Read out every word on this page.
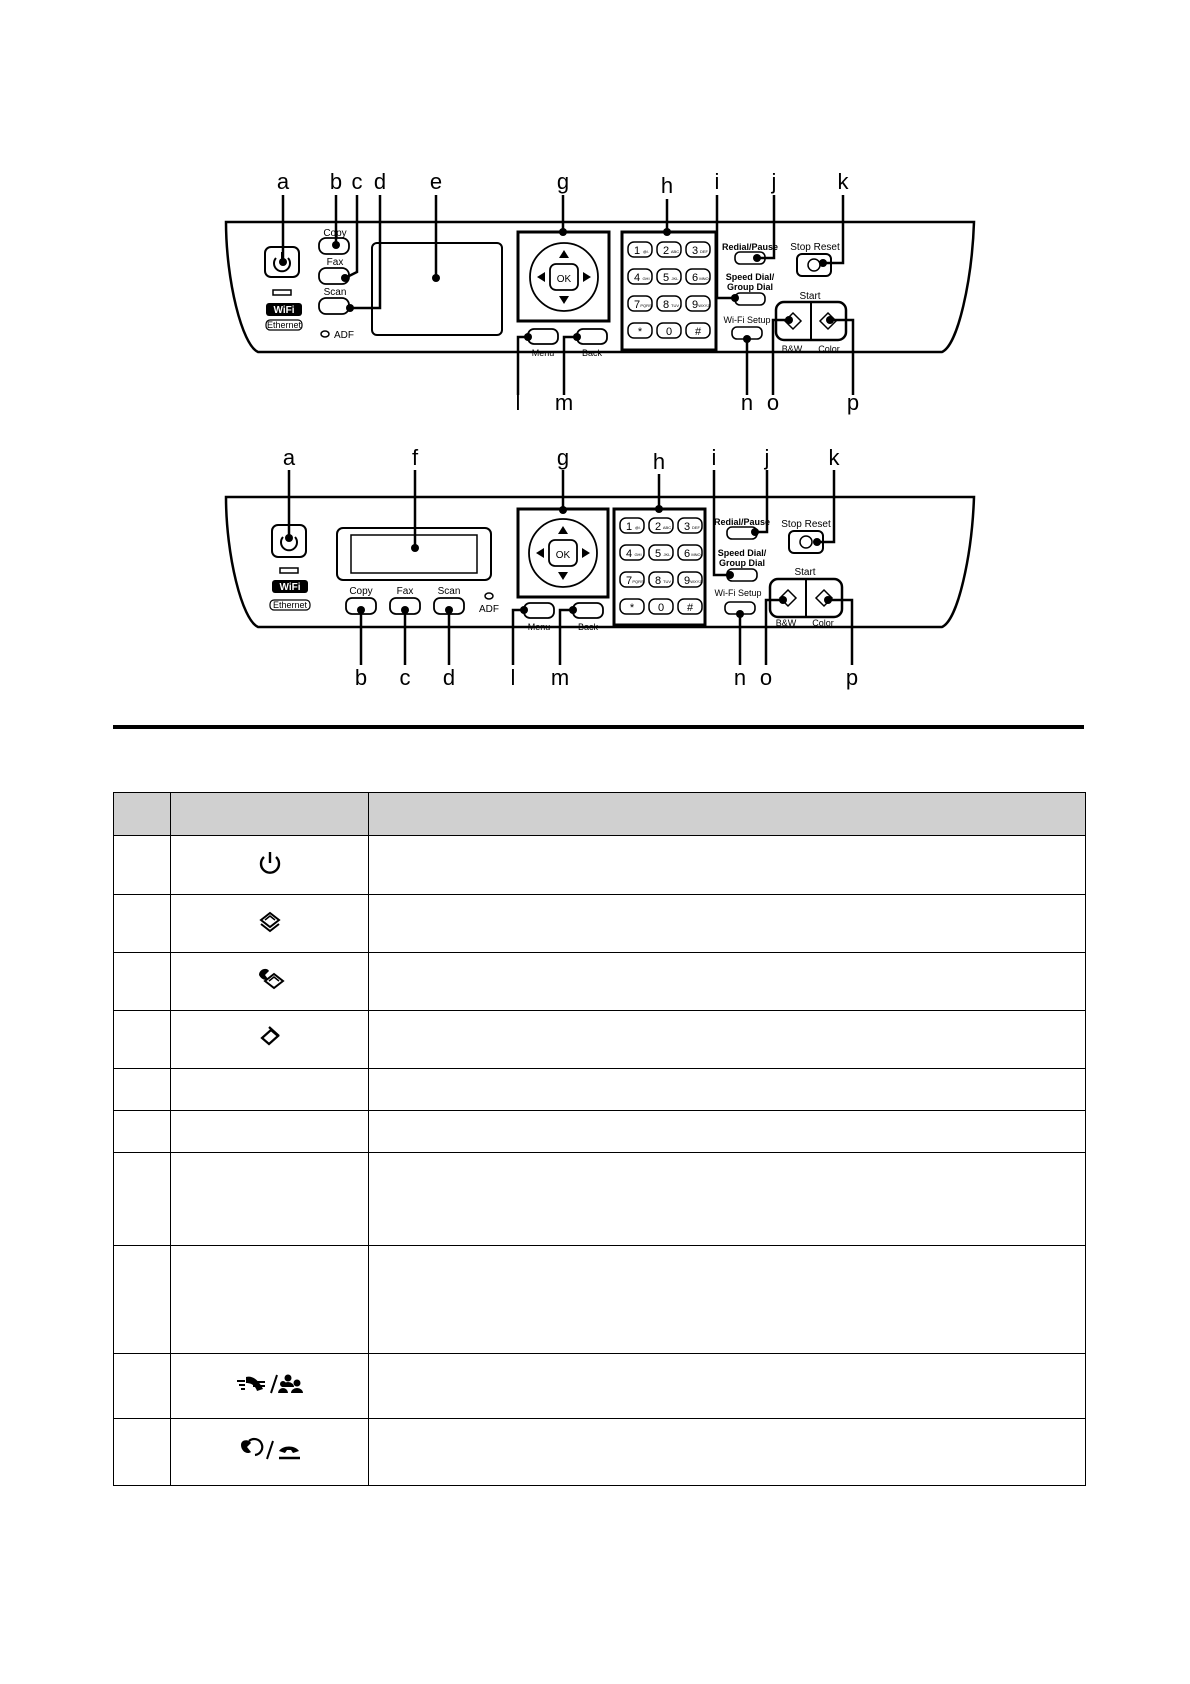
a b c d e	g	h i j	k
l m	n o	p
WiFi
Ethernet
Copy
Fax
Scan
ADF
OK
Menu	Back
1 @/. 2 ABC 3 DEF
4 GHI 5 JKL 6 MNO
7 PQRS 8 TUV 9 WXYZ
* 0 #
Redial/Pause
Speed Dial/
Group Dial
Wi-Fi Setup
Stop Reset
Start
B&W Color
a	f	g	h i j	k
b c d	l m	n o	p
WiFi
Ethernet
Copy Fax Scan
ADF
OK
Menu	Back
1 @/. 2 ABC 3 DEF
4 GHI 5 JKL 6 MNO
7 PQRS 8 TUV 9 WXYZ
* 0 #
Redial/Pause
Speed Dial/
Group Dial
Wi-Fi Setup
Stop Reset
Start
B&W Color
